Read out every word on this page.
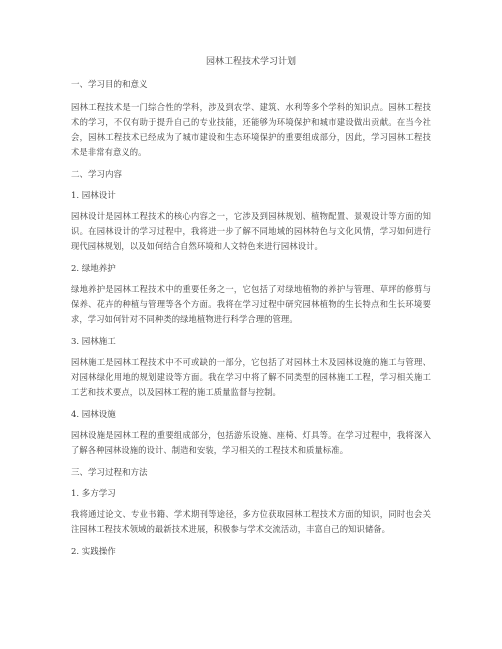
园林工程技术学习计划
一、学习目的和意义
园林工程技术是一门综合性的学科，涉及到农学、建筑、水利等多个学科的知识点。园林工程技术的学习，不仅有助于提升自己的专业技能，还能够为环境保护和城市建设做出贡献。在当今社会，园林工程技术已经成为了城市建设和生态环境保护的重要组成部分，因此，学习园林工程技术是非常有意义的。
二、学习内容
1. 园林设计
园林设计是园林工程技术的核心内容之一，它涉及到园林规划、植物配置、景观设计等方面的知识。在园林设计的学习过程中，我将进一步了解不同地域的园林特色与文化风情，学习如何进行现代园林规划，以及如何结合自然环境和人文特色来进行园林设计。
2. 绿地养护
绿地养护是园林工程技术中的重要任务之一，它包括了对绿地植物的养护与管理、草坪的修剪与保养、花卉的种植与管理等各个方面。我将在学习过程中研究园林植物的生长特点和生长环境要求，学习如何针对不同种类的绿地植物进行科学合理的管理。
3. 园林施工
园林施工是园林工程技术中不可或缺的一部分，它包括了对园林土木及园林设施的施工与管理、对园林绿化用地的规划建设等方面。我在学习中将了解不同类型的园林施工工程，学习相关施工工艺和技术要点，以及园林工程的施工质量监督与控制。
4. 园林设施
园林设施是园林工程的重要组成部分，包括游乐设施、座椅、灯具等。在学习过程中，我将深入了解各种园林设施的设计、制造和安装，学习相关的工程技术和质量标准。
三、学习过程和方法
1. 多方学习
我将通过论文、专业书籍、学术期刊等途径，多方位获取园林工程技术方面的知识，同时也会关注园林工程技术领域的最新技术进展，积极参与学术交流活动，丰富自己的知识储备。
2. 实践操作
